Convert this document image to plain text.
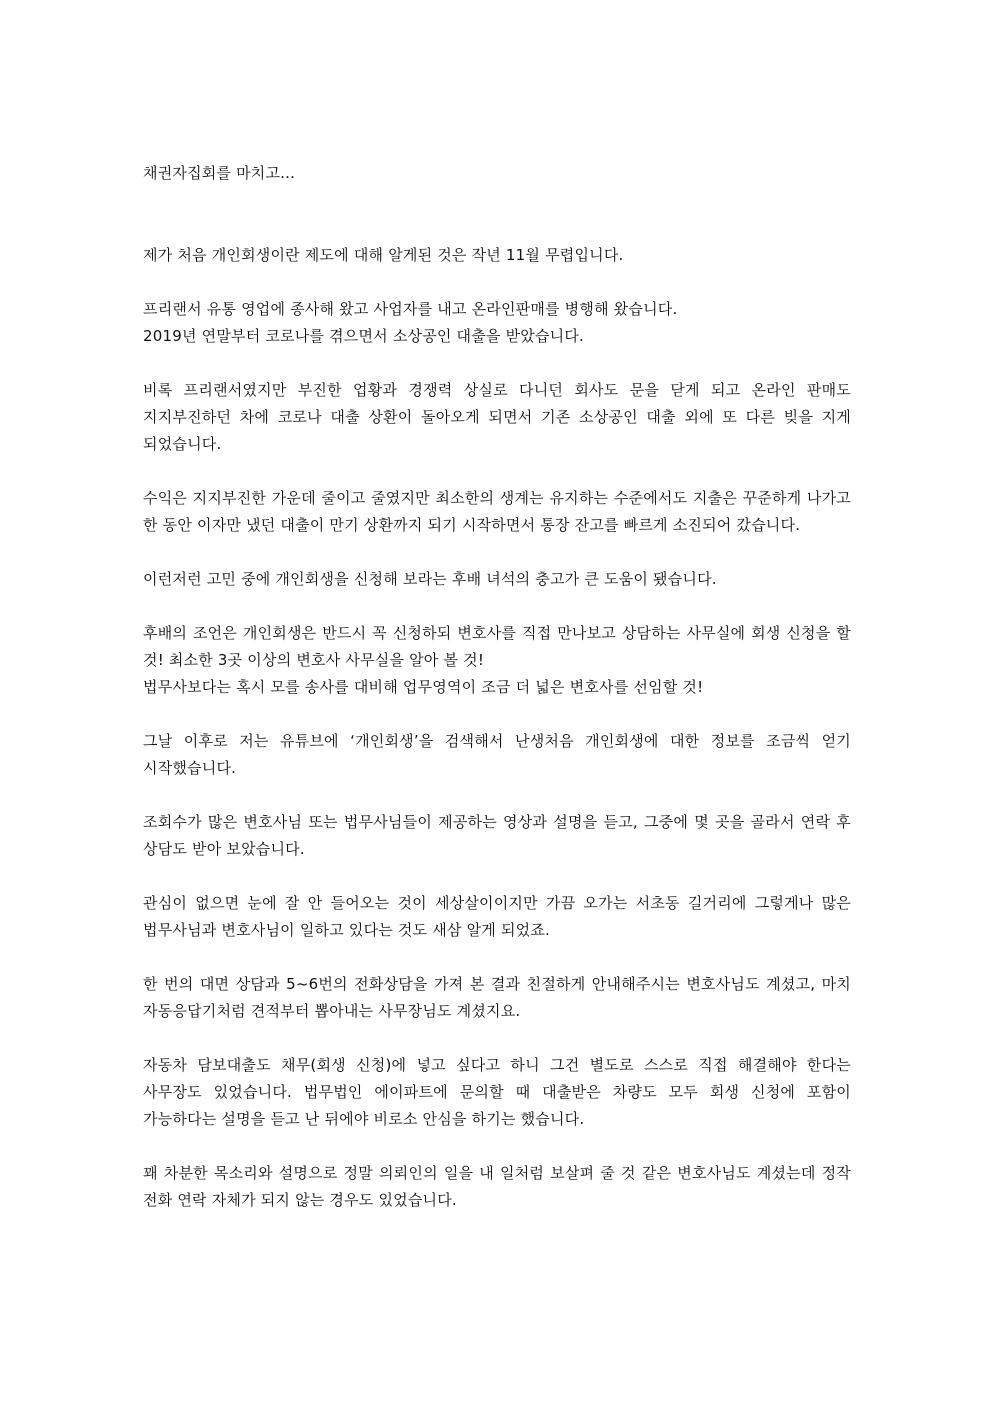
채권자집회를 마치고...

제가 처음 개인회생이란 제도에 대해 알게된 것은 작년 11월 무렵입니다.

프리랜서 유통 영업에 종사해 왔고 사업자를 내고 온라인판매를 병행해 왔습니다.
2019년 연말부터 코로나를 겪으면서 소상공인 대출을 받았습니다.

비록 프리랜서였지만 부진한 업황과 경쟁력 상실로 다니던 회사도 문을 닫게 되고 온라인 판매도 지지부진하던 차에 코로나 대출 상환이 돌아오게 되면서 기존 소상공인 대출 외에 또 다른 빚을 지게 되었습니다.

수익은 지지부진한 가운데 줄이고 줄였지만 최소한의 생계는 유지하는 수준에서도 지출은 꾸준하게 나가고 한 동안 이자만 냈던 대출이 만기 상환까지 되기 시작하면서 통장 잔고를 빠르게 소진되어 갔습니다.

이런저런 고민 중에 개인회생을 신청해 보라는 후배 녀석의 충고가 큰 도움이 됐습니다.

후배의 조언은 개인회생은 반드시 꼭 신청하되 변호사를 직접 만나보고 상담하는 사무실에 회생 신청을 할 것! 최소한 3곳 이상의 변호사 사무실을 알아 볼 것!
법무사보다는 혹시 모를 송사를 대비해 업무영역이 조금 더 넓은 변호사를 선임할 것!

그날 이후로 저는 유튜브에 ‘개인회생’을 검색해서 난생처음 개인회생에 대한 정보를 조금씩 얻기 시작했습니다.

조회수가 많은 변호사님 또는 법무사님들이 제공하는 영상과 설명을 듣고, 그중에 몇 곳을 골라서 연락 후 상담도 받아 보았습니다.

관심이 없으면 눈에 잘 안 들어오는 것이 세상살이이지만 가끔 오가는 서초동 길거리에 그렇게나 많은 법무사님과 변호사님이 일하고 있다는 것도 새삼 알게 되었죠.

한 번의 대면 상담과 5~6번의 전화상담을 가져 본 결과 친절하게 안내해주시는 변호사님도 계셨고, 마치 자동응답기처럼 견적부터 뽑아내는 사무장님도 계셨지요.

자동차 담보대출도 채무(회생 신청)에 넣고 싶다고 하니 그건 별도로 스스로 직접 해결해야 한다는 사무장도 있었습니다. 법무법인 에이파트에 문의할 때 대출받은 차량도 모두 회생 신청에 포함이 가능하다는 설명을 듣고 난 뒤에야 비로소 안심을 하기는 했습니다.

꽤 차분한 목소리와 설명으로 정말 의뢰인의 일을 내 일처럼 보살펴 줄 것 같은 변호사님도 계셨는데 정작 전화 연락 자체가 되지 않는 경우도 있었습니다.
